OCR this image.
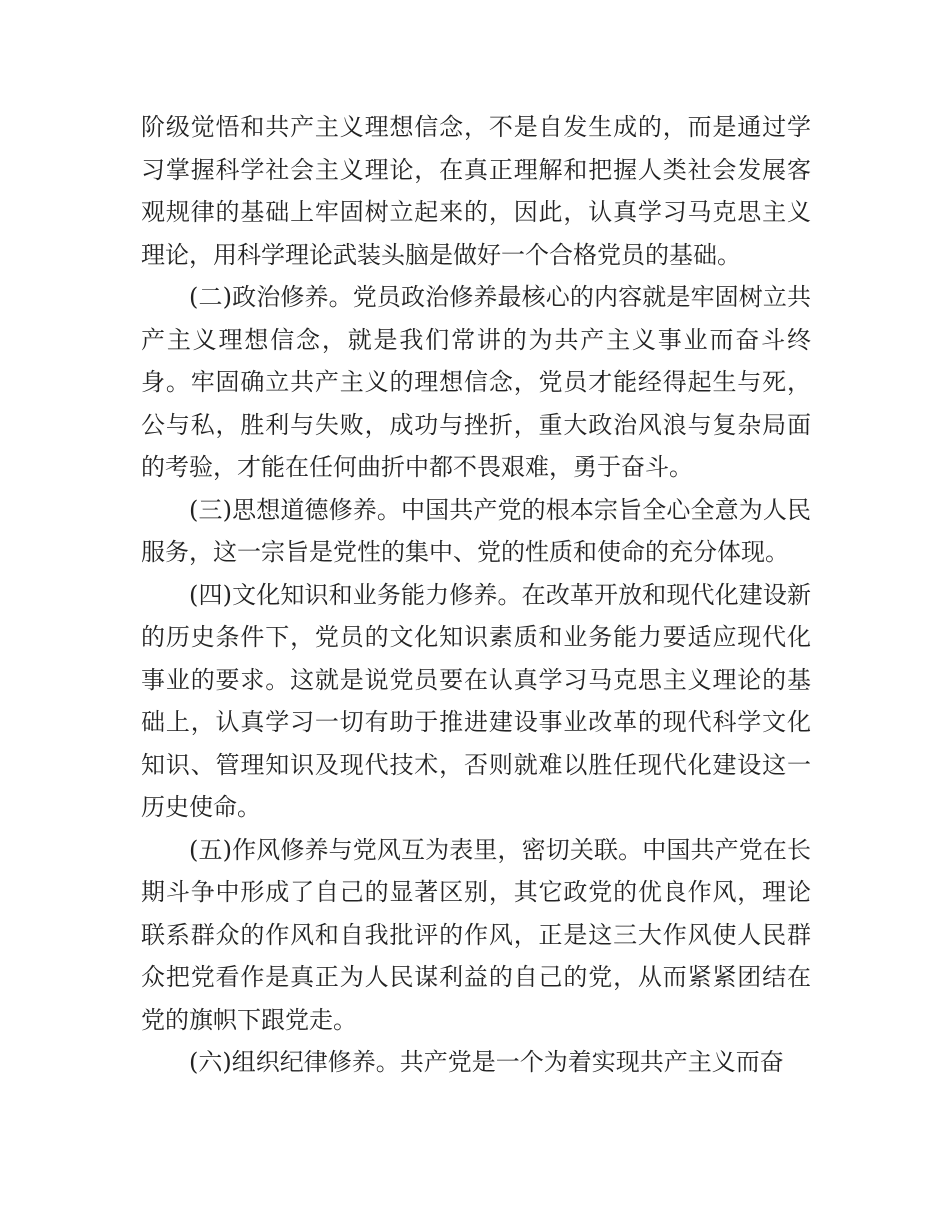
阶级觉悟和共产主义理想信念，不是自发生成的，而是通过学习掌握科学社会主义理论，在真正理解和把握人类社会发展客观规律的基础上牢固树立起来的，因此，认真学习马克思主义理论，用科学理论武装头脑是做好一个合格党员的基础。

(二)政治修养。党员政治修养最核心的内容就是牢固树立共产主义理想信念，就是我们常讲的为共产主义事业而奋斗终身。牢固确立共产主义的理想信念，党员才能经得起生与死，公与私，胜利与失败，成功与挫折，重大政治风浪与复杂局面的考验，才能在任何曲折中都不畏艰难，勇于奋斗。

(三)思想道德修养。中国共产党的根本宗旨全心全意为人民服务，这一宗旨是党性的集中、党的性质和使命的充分体现。

(四)文化知识和业务能力修养。在改革开放和现代化建设新的历史条件下，党员的文化知识素质和业务能力要适应现代化事业的要求。这就是说党员要在认真学习马克思主义理论的基础上，认真学习一切有助于推进建设事业改革的现代科学文化知识、管理知识及现代技术，否则就难以胜任现代化建设这一历史使命。

(五)作风修养与党风互为表里，密切关联。中国共产党在长期斗争中形成了自己的显著区别，其它政党的优良作风，理论联系群众的作风和自我批评的作风，正是这三大作风使人民群众把党看作是真正为人民谋利益的自己的党，从而紧紧团结在党的旗帜下跟党走。

(六)组织纪律修养。共产党是一个为着实现共产主义而奋
